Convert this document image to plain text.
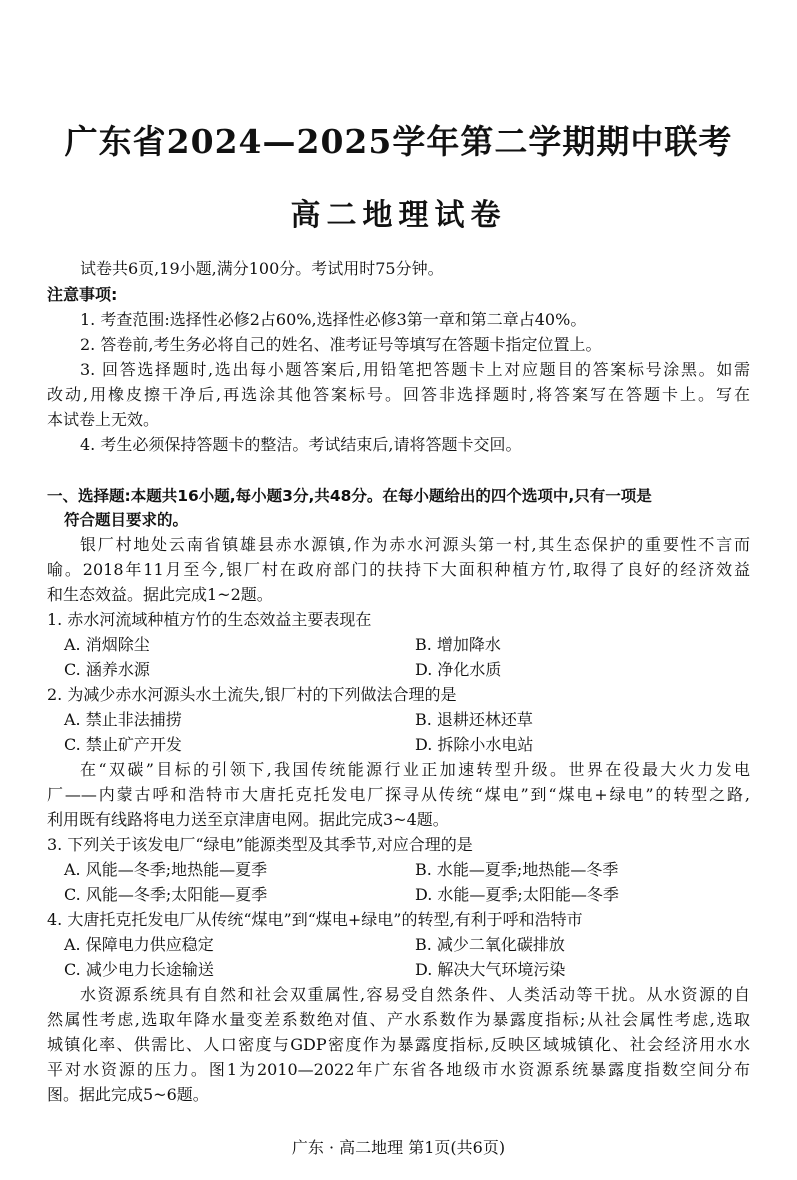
广东省2024—2025学年第二学期期中联考
高二地理试卷
试卷共6页,19小题,满分100分。考试用时75分钟。
注意事项:
1. 考查范围:选择性必修2占60%,选择性必修3第一章和第二章占40%。
2. 答卷前,考生务必将自己的姓名、准考证号等填写在答题卡指定位置上。
3. 回答选择题时,选出每小题答案后,用铅笔把答题卡上对应题目的答案标号涂黑。如需
改动,用橡皮擦干净后,再选涂其他答案标号。回答非选择题时,将答案写在答题卡上。写在
本试卷上无效。
4. 考生必须保持答题卡的整洁。考试结束后,请将答题卡交回。
一、选择题:本题共16小题,每小题3分,共48分。在每小题给出的四个选项中,只有一项是
符合题目要求的。
银厂村地处云南省镇雄县赤水源镇,作为赤水河源头第一村,其生态保护的重要性不言而
喻。2018年11月至今,银厂村在政府部门的扶持下大面积种植方竹,取得了良好的经济效益
和生态效益。据此完成1~2题。
1. 赤水河流域种植方竹的生态效益主要表现在
A. 消烟除尘	B. 增加降水
C. 涵养水源	D. 净化水质
2. 为减少赤水河源头水土流失,银厂村的下列做法合理的是
A. 禁止非法捕捞	B. 退耕还林还草
C. 禁止矿产开发	D. 拆除小水电站
在“双碳”目标的引领下,我国传统能源行业正加速转型升级。世界在役最大火力发电
厂——内蒙古呼和浩特市大唐托克托发电厂探寻从传统“煤电”到“煤电+绿电”的转型之路,
利用既有线路将电力送至京津唐电网。据此完成3~4题。
3. 下列关于该发电厂“绿电”能源类型及其季节,对应合理的是
A. 风能—冬季;地热能—夏季	B. 水能—夏季;地热能—冬季
C. 风能—冬季;太阳能—夏季	D. 水能—夏季;太阳能—冬季
4. 大唐托克托发电厂从传统“煤电”到“煤电+绿电”的转型,有利于呼和浩特市
A. 保障电力供应稳定	B. 减少二氧化碳排放
C. 减少电力长途输送	D. 解决大气环境污染
水资源系统具有自然和社会双重属性,容易受自然条件、人类活动等干扰。从水资源的自
然属性考虑,选取年降水量变差系数绝对值、产水系数作为暴露度指标;从社会属性考虑,选取
城镇化率、供需比、人口密度与GDP密度作为暴露度指标,反映区域城镇化、社会经济用水水
平对水资源的压力。图1为2010—2022年广东省各地级市水资源系统暴露度指数空间分布
图。据此完成5~6题。
广东 · 高二地理 第1页(共6页)
